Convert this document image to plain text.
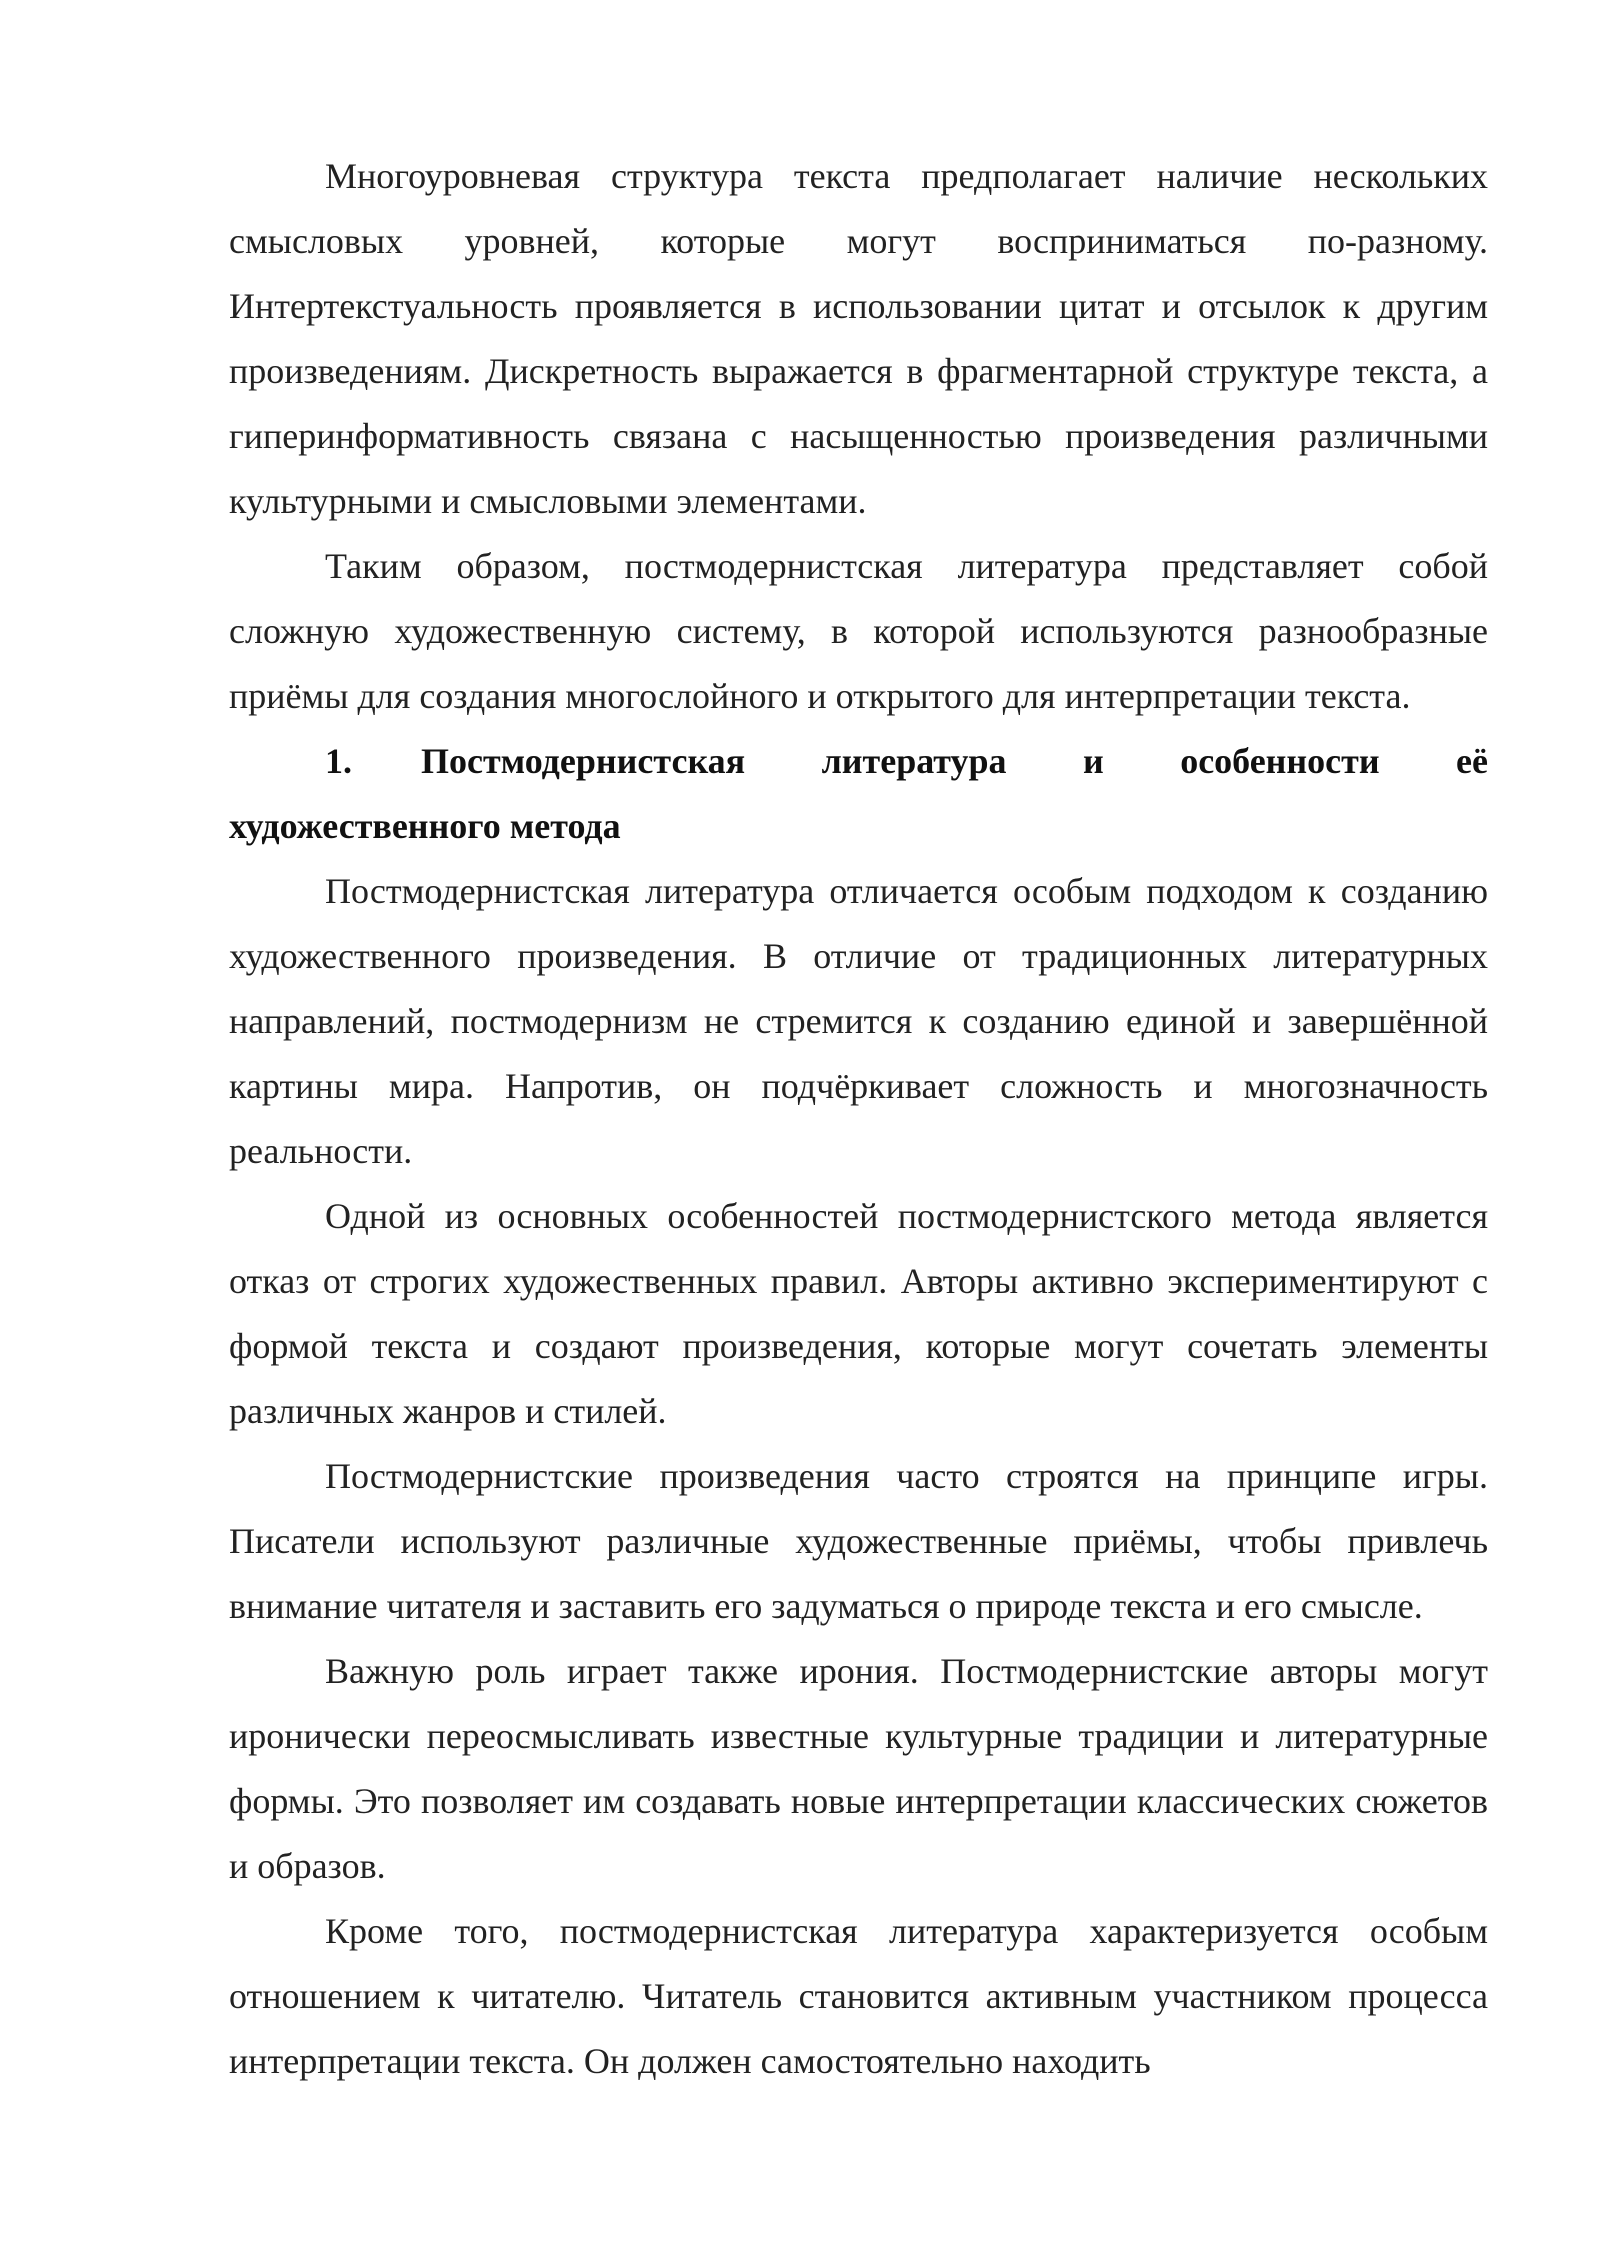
Многоуровневая структура текста предполагает наличие нескольких смысловых уровней, которые могут восприниматься по-разному. Интертекстуальность проявляется в использовании цитат и отсылок к другим произведениям. Дискретность выражается в фрагментарной структуре текста, а гиперинформативность связана с насыщенностью произведения различными культурными и смысловыми элементами.

Таким образом, постмодернистская литература представляет собой сложную художественную систему, в которой используются разнообразные приёмы для создания многослойного и открытого для интерпретации текста.

1. Постмодернистская литература и особенности её художественного метода

Постмодернистская литература отличается особым подходом к созданию художественного произведения. В отличие от традиционных литературных направлений, постмодернизм не стремится к созданию единой и завершённой картины мира. Напротив, он подчёркивает сложность и многозначность реальности.

Одной из основных особенностей постмодернистского метода является отказ от строгих художественных правил. Авторы активно экспериментируют с формой текста и создают произведения, которые могут сочетать элементы различных жанров и стилей.

Постмодернистские произведения часто строятся на принципе игры. Писатели используют различные художественные приёмы, чтобы привлечь внимание читателя и заставить его задуматься о природе текста и его смысле.

Важную роль играет также ирония. Постмодернистские авторы могут иронически переосмысливать известные культурные традиции и литературные формы. Это позволяет им создавать новые интерпретации классических сюжетов и образов.

Кроме того, постмодернистская литература характеризуется особым отношением к читателю. Читатель становится активным участником процесса интерпретации текста. Он должен самостоятельно находить
